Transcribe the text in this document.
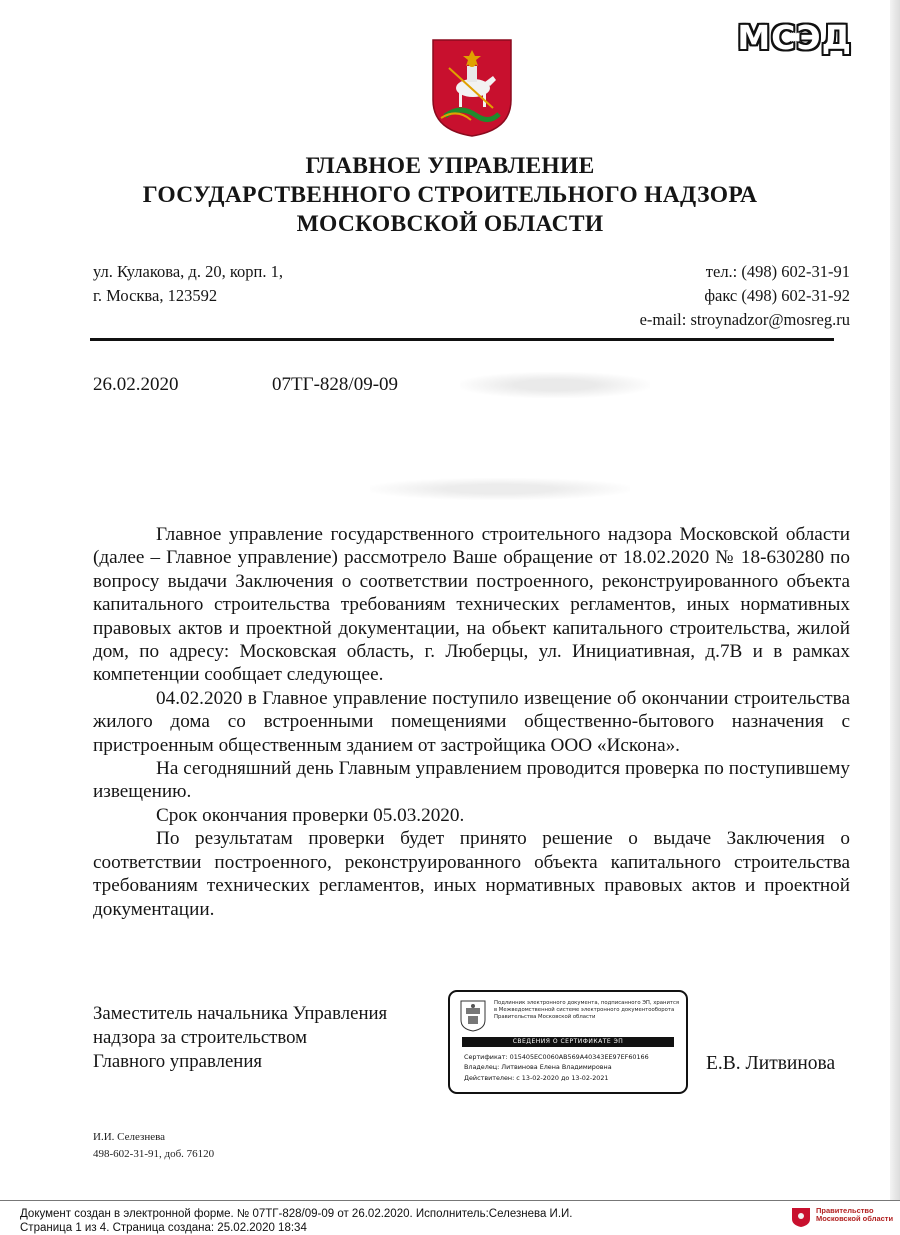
МСЭД
ГЛАВНОЕ УПРАВЛЕНИЕ
ГОСУДАРСТВЕННОГО СТРОИТЕЛЬНОГО НАДЗОРА
МОСКОВСКОЙ ОБЛАСТИ
ул. Кулакова, д. 20, корп. 1,
г. Москва, 123592
тел.: (498) 602-31-91
факс (498) 602-31-92
e-mail: stroynadzor@mosreg.ru
26.02.2020	07ТГ-828/09-09

Главное управление государственного строительного надзора Московской области (далее – Главное управление) рассмотрело Ваше обращение от 18.02.2020 № 18-630280 по вопросу выдачи Заключения о соответствии построенного, реконструированного объекта капитального строительства требованиям технических регламентов, иных нормативных правовых актов и проектной документации, на обьект капитального строительства, жилой дом, по адресу: Московская область, г. Люберцы, ул. Инициативная, д.7В и в рамках компетенции сообщает следующее.

04.02.2020 в Главное управление поступило извещение об окончании строительства жилого дома со встроенными помещениями общественно-бытового назначения с пристроенным общественным зданием от застройщика ООО «Искона».

На сегодняшний день Главным управлением проводится проверка по поступившему извещению.

Срок окончания проверки 05.03.2020.

По результатам проверки будет принято решение о выдаче Заключения о соответствии построенного, реконструированного объекта капитального строительства требованиям технических регламентов, иных нормативных правовых актов и проектной документации.

Заместитель начальника Управления
надзора за строительством
Главного управления
Подлинник электронного документа, подписанного ЭП, хранится в Межведомственной системе электронного документооборота Правительства Московской области
СВЕДЕНИЯ О СЕРТИФИКАТЕ ЭП
Сертификат: 015405EC0060AB569A40343EE97EF60166
Владелец: Литвинова Елена Владимировна
Действителен: с 13-02-2020 до 13-02-2021
Е.В. Литвинова
И.И. Селезнева
498-602-31-91, доб. 76120
Документ создан в электронной форме. № 07ТГ-828/09-09 от 26.02.2020. Исполнитель:Селезнева И.И.
Страница 1 из 4. Страница создана: 25.02.2020 18:34
Правительство
Московской области
